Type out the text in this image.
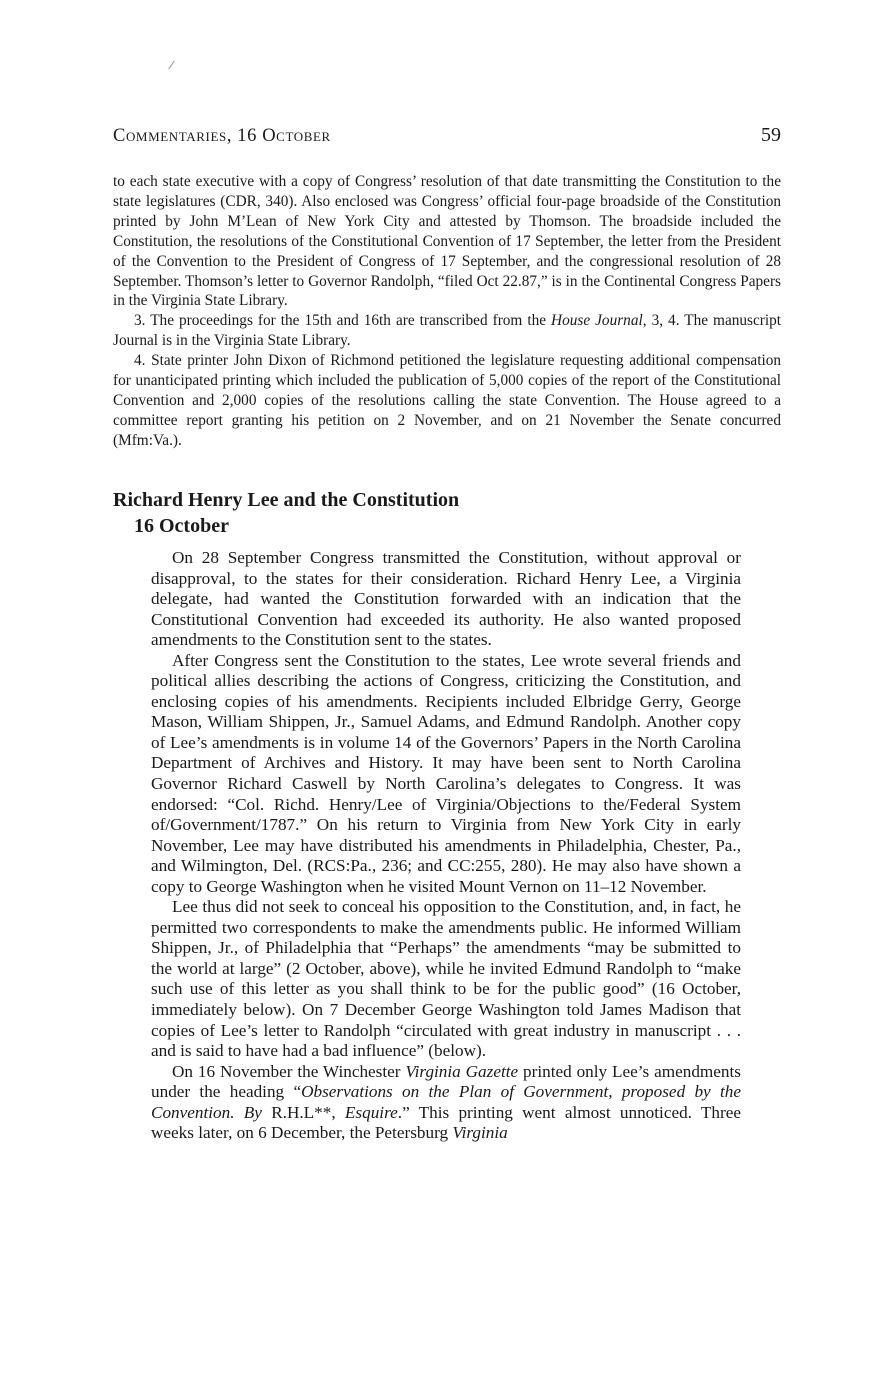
Commentaries, 16 October	59

to each state executive with a copy of Congress’ resolution of that date transmitting the Constitution to the state legislatures (CDR, 340). Also enclosed was Congress’ official four-page broadside of the Constitution printed by John M’Lean of New York City and attested by Thomson. The broadside included the Constitution, the resolutions of the Constitutional Convention of 17 September, the letter from the President of the Convention to the President of Congress of 17 September, and the congressional resolution of 28 September. Thomson’s letter to Governor Randolph, “filed Oct 22.87,” is in the Continental Congress Papers in the Virginia State Library.

3. The proceedings for the 15th and 16th are transcribed from the House Journal, 3, 4. The manuscript Journal is in the Virginia State Library.

4. State printer John Dixon of Richmond petitioned the legislature requesting additional compensation for unanticipated printing which included the publication of 5,000 copies of the report of the Constitutional Convention and 2,000 copies of the resolutions calling the state Convention. The House agreed to a committee report granting his petition on 2 November, and on 21 November the Senate concurred (Mfm:Va.).

Richard Henry Lee and the Constitution
16 October

On 28 September Congress transmitted the Constitution, without approval or disapproval, to the states for their consideration. Richard Henry Lee, a Virginia delegate, had wanted the Constitution forwarded with an indication that the Constitutional Convention had exceeded its authority. He also wanted proposed amendments to the Constitution sent to the states.

After Congress sent the Constitution to the states, Lee wrote several friends and political allies describing the actions of Congress, criticizing the Constitution, and enclosing copies of his amendments. Recipients included Elbridge Gerry, George Mason, William Shippen, Jr., Samuel Adams, and Edmund Randolph. Another copy of Lee’s amendments is in volume 14 of the Governors’ Papers in the North Carolina Department of Archives and History. It may have been sent to North Carolina Governor Richard Caswell by North Carolina’s delegates to Congress. It was endorsed: “Col. Richd. Henry/Lee of Virginia/Objections to the/Federal System of/Government/1787.” On his return to Virginia from New York City in early November, Lee may have distributed his amendments in Philadelphia, Chester, Pa., and Wilmington, Del. (RCS:Pa., 236; and CC:255, 280). He may also have shown a copy to George Washington when he visited Mount Vernon on 11–12 November.

Lee thus did not seek to conceal his opposition to the Constitution, and, in fact, he permitted two correspondents to make the amendments public. He informed William Shippen, Jr., of Philadelphia that “Perhaps” the amendments “may be submitted to the world at large” (2 October, above), while he invited Edmund Randolph to “make such use of this letter as you shall think to be for the public good” (16 October, immediately below). On 7 December George Washington told James Madison that copies of Lee’s letter to Randolph “circulated with great industry in manuscript . . . and is said to have had a bad influence” (below).

On 16 November the Winchester Virginia Gazette printed only Lee’s amendments under the heading “Observations on the Plan of Government, proposed by the Convention. By R.H.L**, Esquire.” This printing went almost unnoticed. Three weeks later, on 6 December, the Petersburg Virginia
